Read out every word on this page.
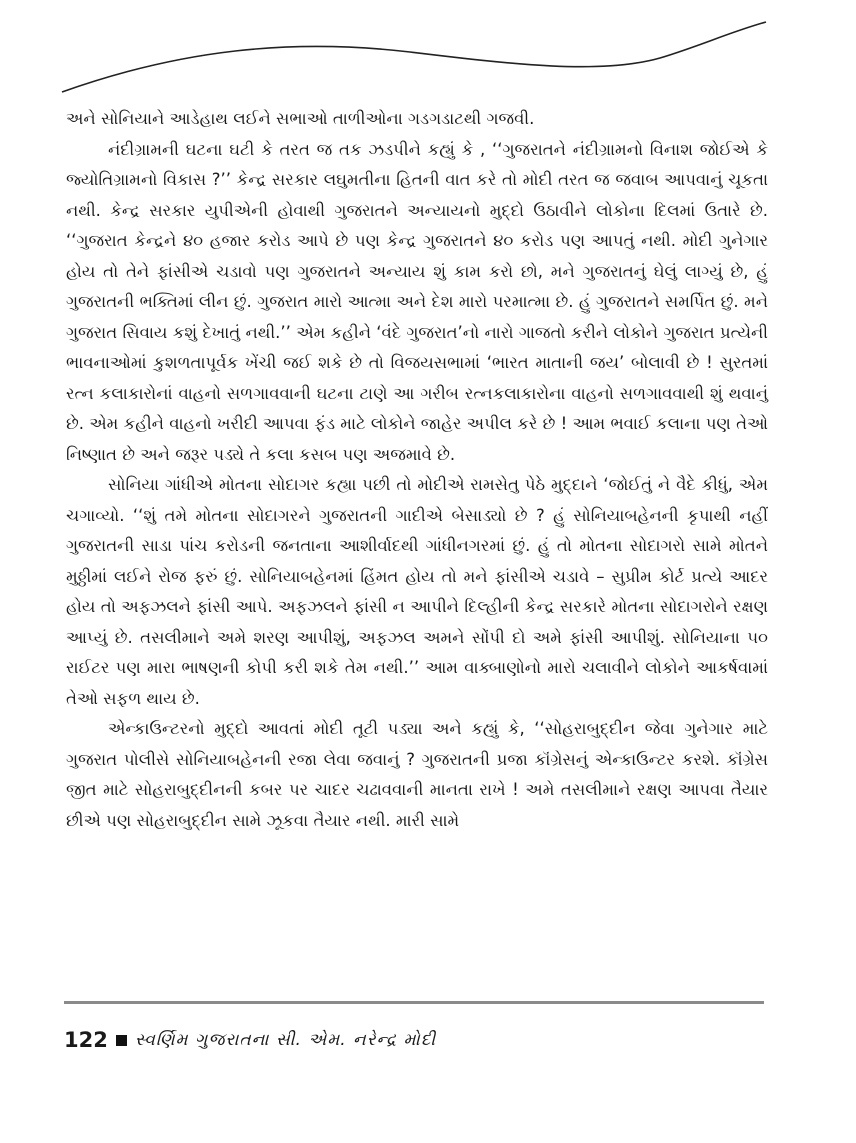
અને સોનિયાને આડેહાથ લઈને સભાઓ તાળીઓના ગડગડાટથી ગજવી.

નંદીગ્રામની ઘટના ઘટી કે તરત જ તક ઝડપીને કહ્યું કે , ‘‘ગુજરાતને નંદીગ્રામનો વિનાશ જોઈએ કે જ્યોતિગ્રામનો વિકાસ ?’’ કેન્દ્ર સરકાર લઘુમતીના હિતની વાત કરે તો મોદી તરત જ જવાબ આપવાનું ચૂકતા નથી. કેન્દ્ર સરકાર યુપીએની હોવાથી ગુજરાતને અન્યાયનો મુદ્દો ઉઠાવીને લોકોના દિલમાં ઉતારે છે. ‘‘ગુજરાત કેન્દ્રને ૪૦ હજાર કરોડ આપે છે પણ કેન્દ્ર ગુજરાતને ૪૦ કરોડ પણ આપતું નથી. મોદી ગુનેગાર હોય તો તેને ફાંસીએ ચડાવો પણ ગુજરાતને અન્યાય શું કામ કરો છો, મને ગુજરાતનું ઘેલું લાગ્યું છે, હું ગુજરાતની ભક્તિમાં લીન છું. ગુજરાત મારો આત્મા અને દેશ મારો પરમાત્મા છે. હું ગુજરાતને સમર્પિત છું. મને ગુજરાત સિવાય કશું દેખાતું નથી.’’ એમ કહીને ‘વંદે ગુજરાત’નો નારો ગાજતો કરીને લોકોને ગુજરાત પ્રત્યેની ભાવનાઓમાં કુશળતાપૂર્વક ખેંચી જઈ શકે છે તો વિજયસભામાં ‘ભારત માતાની જય’ બોલાવી છે ! સુરતમાં રત્ન કલાકારોનાં વાહનો સળગાવવાની ઘટના ટાણે આ ગરીબ રત્નકલાકારોના વાહનો સળગાવવાથી શું થવાનું છે. એમ કહીને વાહનો ખરીદી આપવા ફંડ માટે લોકોને જાહેર અપીલ કરે છે ! આમ ભવાઈ કલાના પણ તેઓ નિષ્ણાત છે અને જરૂર પડ્યે તે કલા કસબ પણ અજમાવે છે.

સોનિયા ગાંધીએ મોતના સોદાગર કહ્યા પછી તો મોદીએ રામસેતુ પેઠે મુદ્દાને ‘જોઈતું ને વૈદે કીધું, એમ ચગાવ્યો. ‘‘શું તમે મોતના સોદાગરને ગુજરાતની ગાદીએ બેસાડ્યો છે ? હું સોનિયાબહેનની કૃપાથી નહીં ગુજરાતની સાડા પાંચ કરોડની જનતાના આશીર્વાદથી ગાંધીનગરમાં છું. હું તો મોતના સોદાગરો સામે મોતને મુઠ્ઠીમાં લઈને રોજ ફરું છું. સોનિયાબહેનમાં હિંમત હોય તો મને ફાંસીએ ચડાવે – સુપ્રીમ કોર્ટ પ્રત્યે આદર હોય તો અફઝલને ફાંસી આપે. અફઝલને ફાંસી ન આપીને દિલ્હીની કેન્દ્ર સરકારે મોતના સોદાગરોને રક્ષણ આપ્યું છે. તસલીમાને અમે શરણ આપીશું, અફઝલ અમને સોંપી દો અમે ફાંસી આપીશું. સોનિયાના ૫૦ રાઈટર પણ મારા ભાષણની કોપી કરી શકે તેમ નથી.’’ આમ વાક્બાણોનો મારો ચલાવીને લોકોને આકર્ષવામાં તેઓ સફળ થાય છે.

એન્કાઉન્ટરનો મુદ્દો આવતાં મોદી તૂટી પડ્યા અને કહ્યું કે, ‘‘સોહરાબુદ્દીન જેવા ગુનેગાર માટે ગુજરાત પોલીસે સોનિયાબહેનની રજા લેવા જવાનું ? ગુજરાતની પ્રજા કૉંગ્રેસનું એન્કાઉન્ટર કરશે. કૉંગ્રેસ જીત માટે સોહરાબુદ્દીનની કબર પર ચાદર ચઢાવવાની માનતા રાખે ! અમે તસલીમાને રક્ષણ આપવા તૈયાર છીએ પણ સોહરાબુદ્દીન સામે ઝૂકવા તૈયાર નથી. મારી સામે

122 સ્વર્ણિમ ગુજરાતના સી. એમ. નરેન્દ્ર મોદી
